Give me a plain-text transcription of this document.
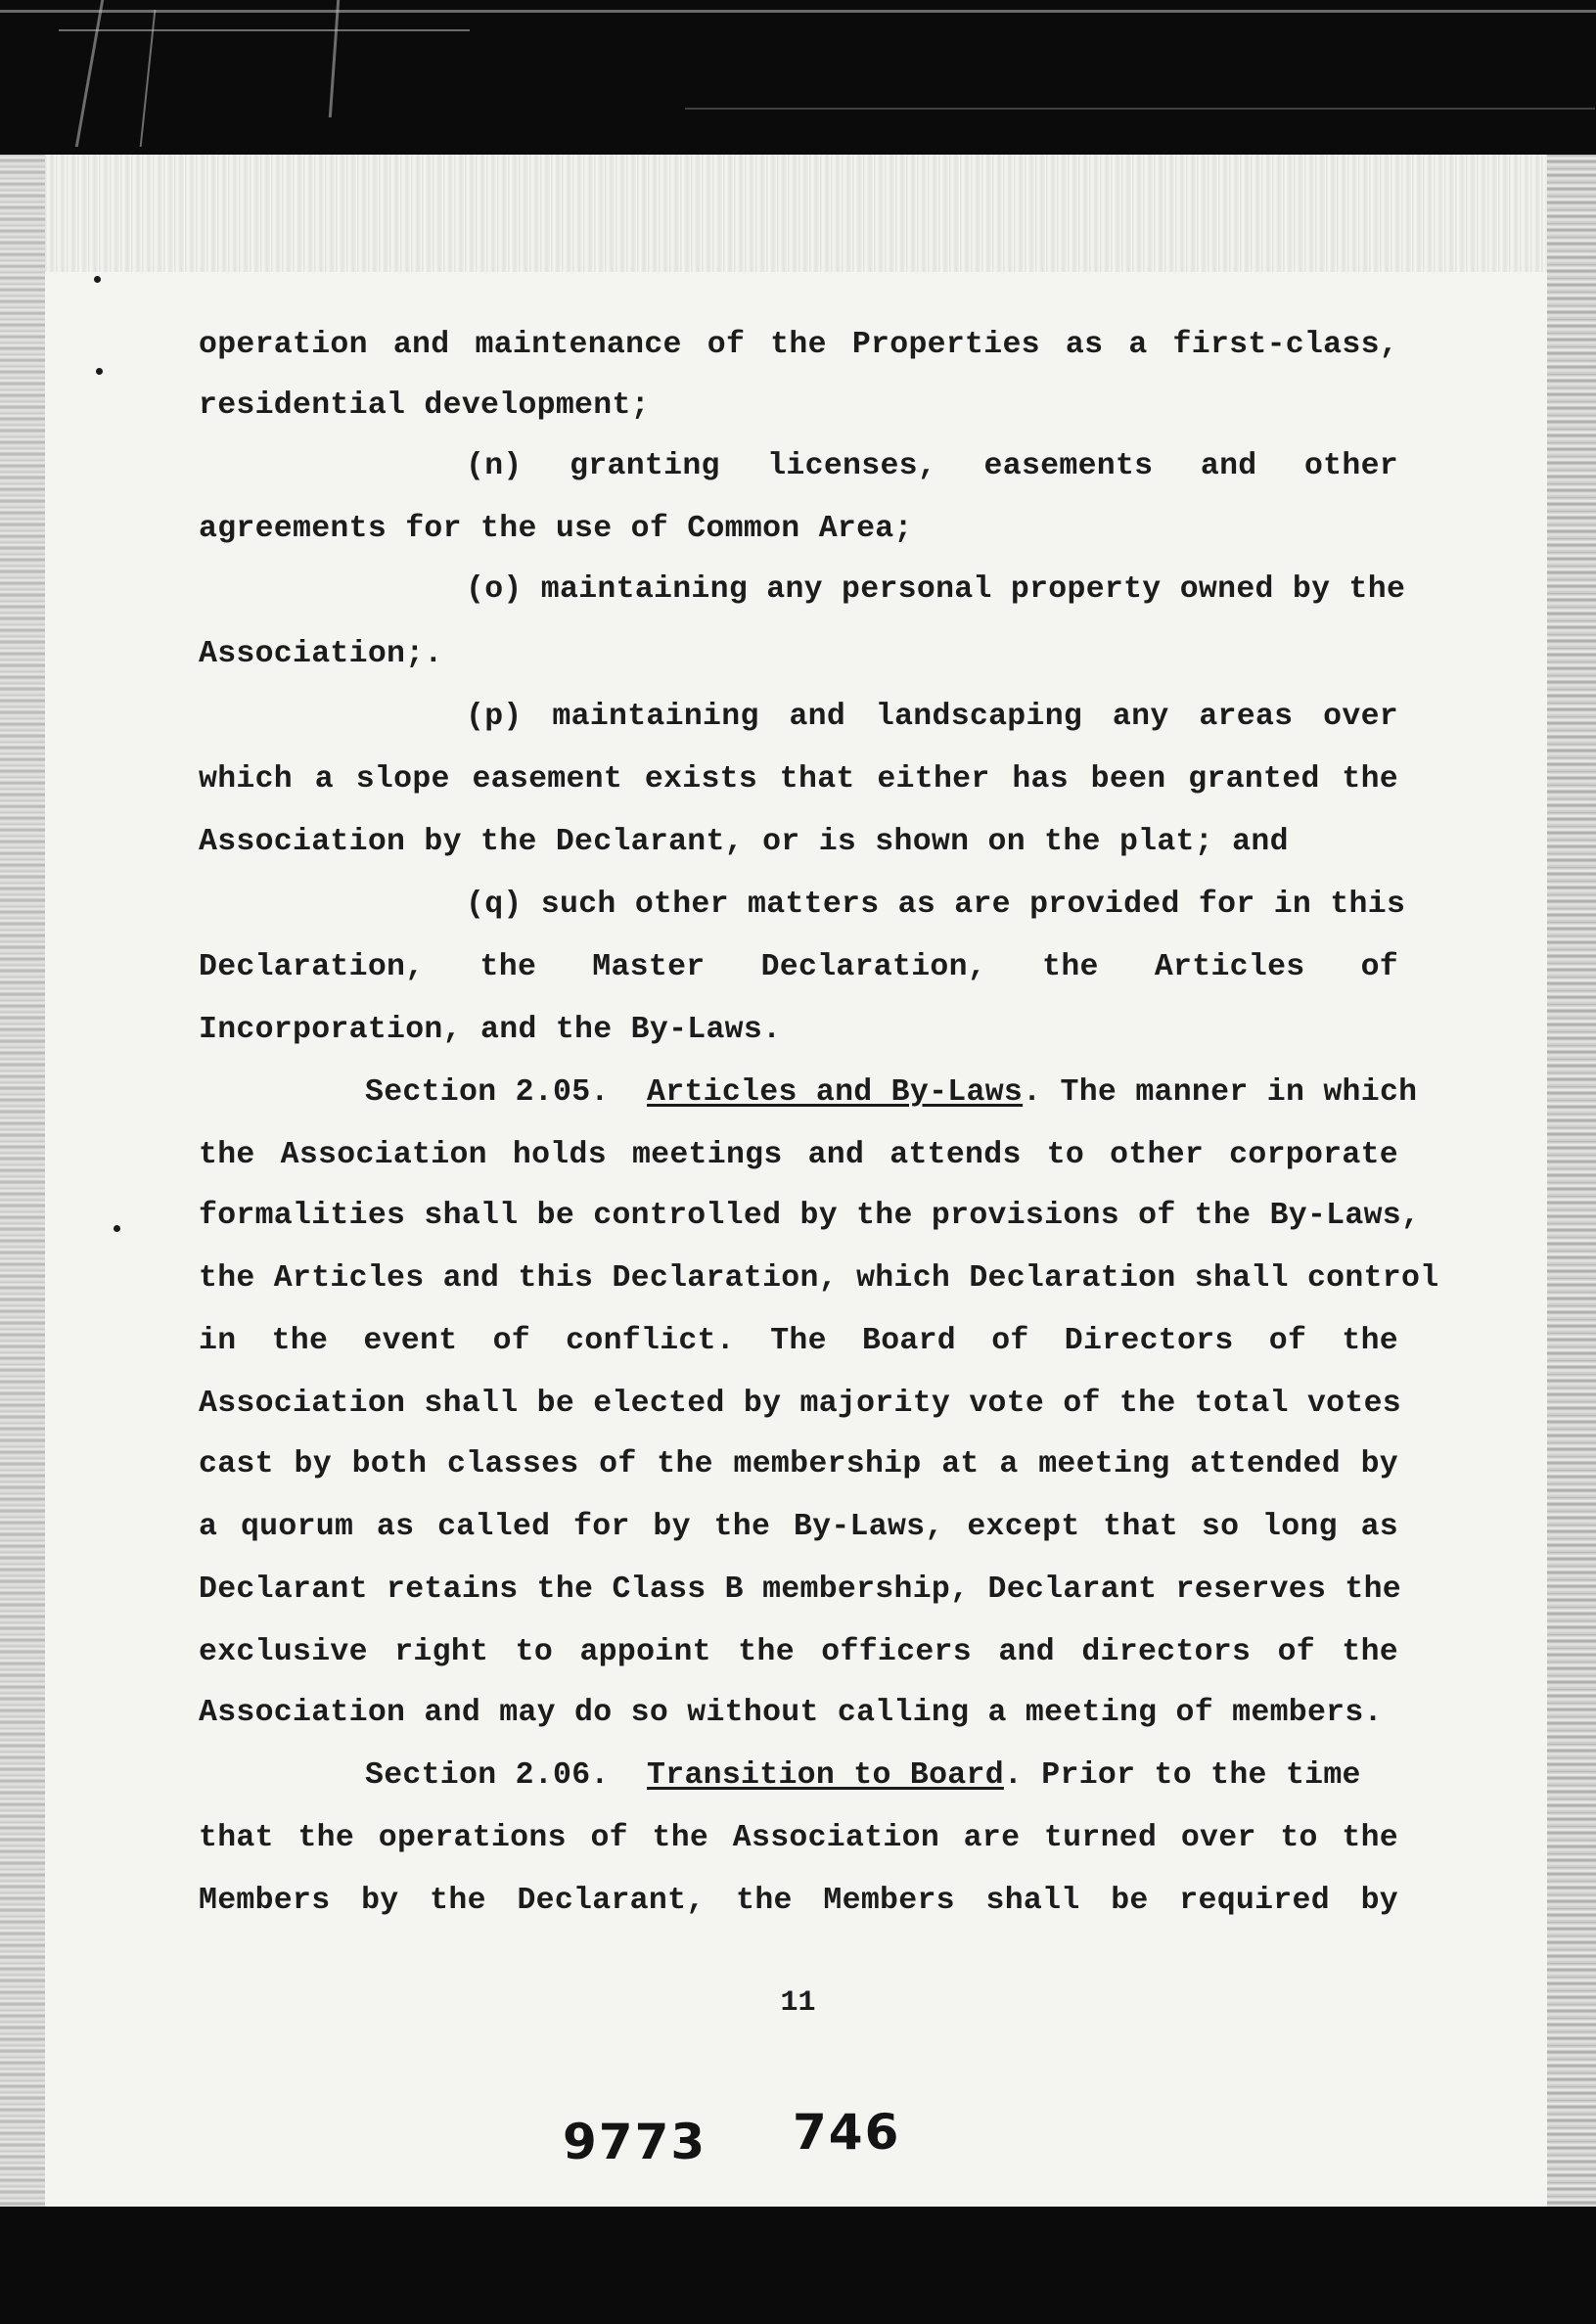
operation and maintenance of the Properties as a first-class,
residential development;
(n) granting licenses, easements and other
agreements for the use of Common Area;
(o) maintaining any personal property owned by the
Association;.
(p) maintaining and landscaping any areas over
which a slope easement exists that either has been granted the
Association by the Declarant, or is shown on the plat; and
(q) such other matters as are provided for in this
Declaration, the Master Declaration, the Articles of
Incorporation, and the By-Laws.
Section 2.05. Articles and By-Laws. The manner in which
the Association holds meetings and attends to other corporate
formalities shall be controlled by the provisions of the By-Laws,
the Articles and this Declaration, which Declaration shall control
in the event of conflict. The Board of Directors of the
Association shall be elected by majority vote of the total votes
cast by both classes of the membership at a meeting attended by
a quorum as called for by the By-Laws, except that so long as
Declarant retains the Class B membership, Declarant reserves the
exclusive right to appoint the officers and directors of the
Association and may do so without calling a meeting of members.
Section 2.06. Transition to Board. Prior to the time
that the operations of the Association are turned over to the
Members by the Declarant, the Members shall be required by
11
9773 746
